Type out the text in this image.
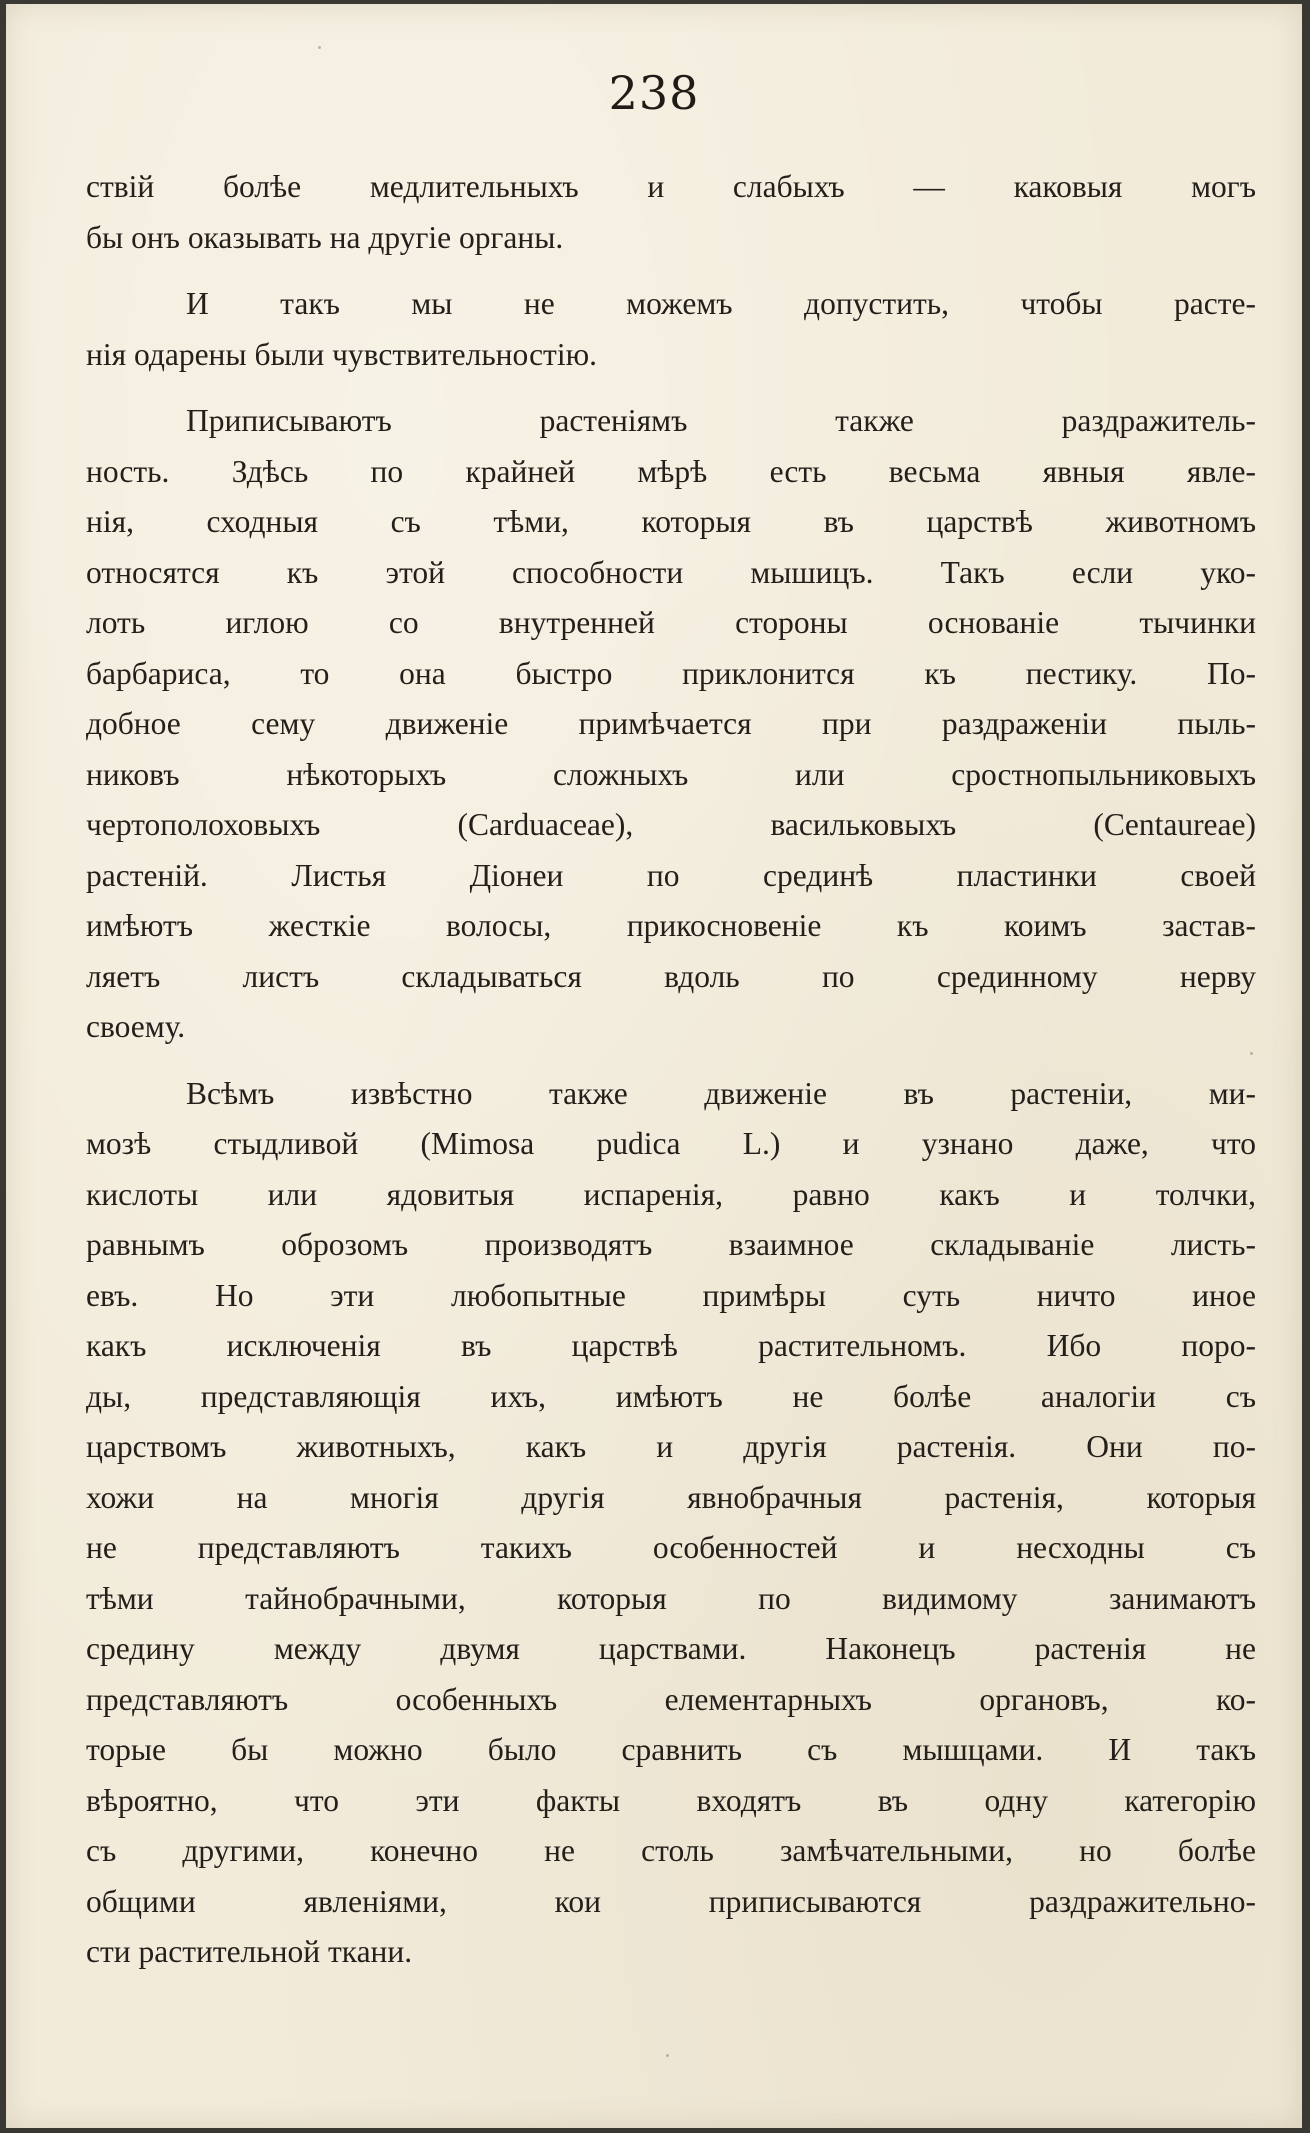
238
ствій болѣе медлительныхъ и слабыхъ — каковыя могъ
бы онъ оказывать на другіе органы.
И такъ мы не можемъ допустить, чтобы расте-
нія одарены были чувствительностію.
Приписываютъ растеніямъ также раздражитель-
ность. Здѣсь по крайней мѣрѣ есть весьма явныя явле-
нія, сходныя съ тѣми, которыя въ царствѣ животномъ
относятся къ этой способности мышицъ. Такъ если уко-
лоть иглою со внутренней стороны основаніе тычинки
барбариса, то она быстро приклонится къ пестику. По-
добное сему движеніе примѣчается при раздраженіи пыль-
никовъ нѣкоторыхъ сложныхъ или сростнопыльниковыхъ
чертополоховыхъ (Carduaceae), васильковыхъ (Centaureae)
растеній. Листья Діонеи по срединѣ пластинки своей
имѣютъ жесткіе волосы, прикосновеніе къ коимъ застав-
ляетъ листъ складываться вдоль по срединному нерву
своему.
Всѣмъ извѣстно также движеніе въ растеніи, ми-
мозѣ стыдливой (Mimosa pudica L.) и узнано даже, что
кислоты или ядовитыя испаренія, равно какъ и толчки,
равнымъ оброзомъ производятъ взаимное складываніе листь-
евъ. Но эти любопытные примѣры суть ничто иное
какъ исключенія въ царствѣ растительномъ. Ибо поро-
ды, представляющія ихъ, имѣютъ не болѣе аналогіи съ
царствомъ животныхъ, какъ и другія растенія. Они по-
хожи на многія другія явнобрачныя растенія, которыя
не представляютъ такихъ особенностей и несходны съ
тѣми тайнобрачными, которыя по видимому занимаютъ
средину между двумя царствами. Наконецъ растенія не
представляютъ особенныхъ елементарныхъ органовъ, ко-
торые бы можно было сравнить съ мышцами. И такъ
вѣроятно, что эти факты входятъ въ одну категорію
съ другими, конечно не столь замѣчательными, но болѣе
общими явленіями, кои приписываются раздражительно-
сти растительной ткани.
